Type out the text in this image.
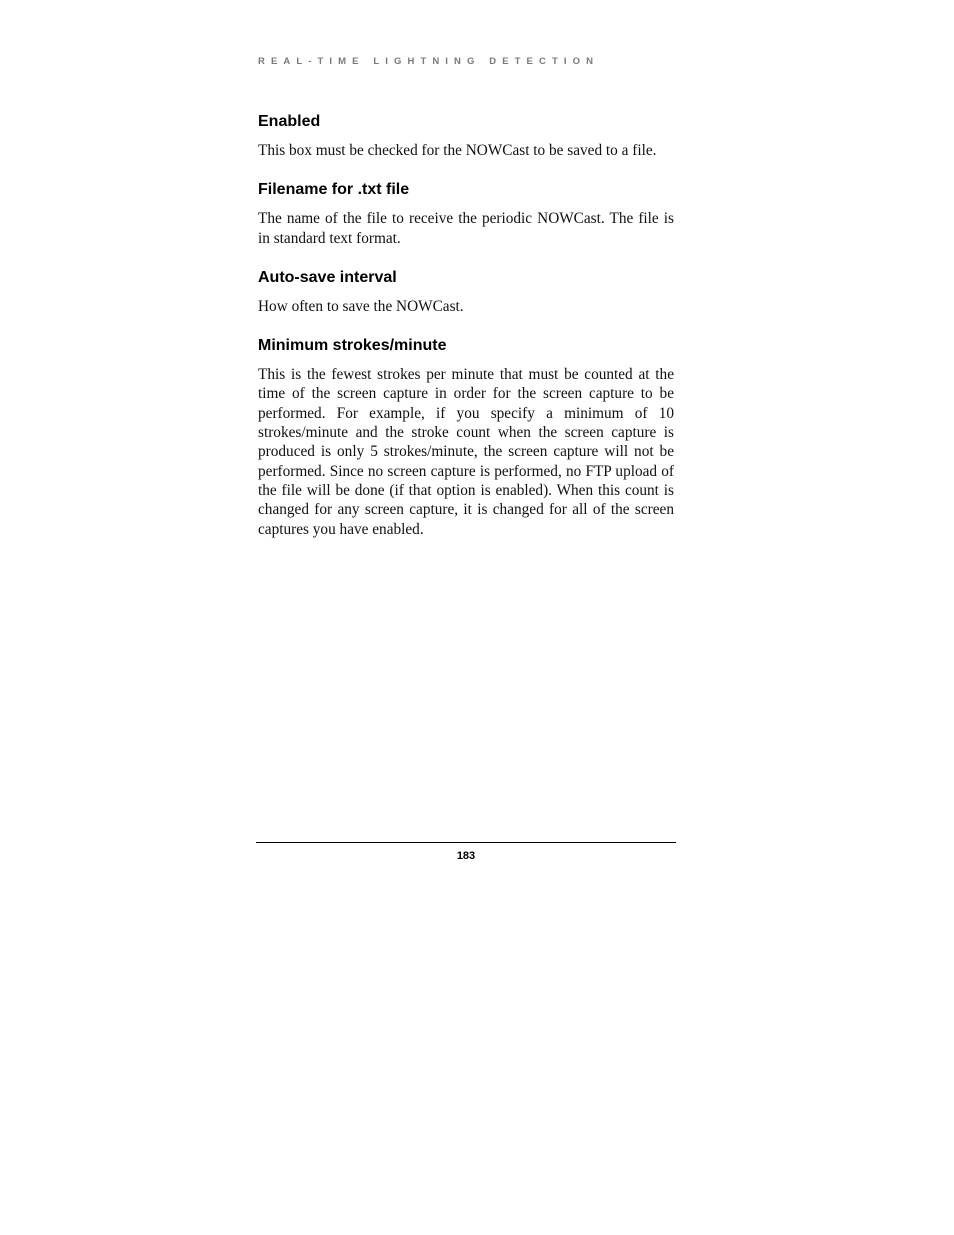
REAL-TIME LIGHTNING DETECTION
Enabled

This box must be checked for the NOWCast to be saved to a file.

Filename for .txt file

The name of the file to receive the periodic NOWCast. The file is in standard text format.

Auto-save interval

How often to save the NOWCast.

Minimum strokes/minute

This is the fewest strokes per minute that must be counted at the time of the screen capture in order for the screen capture to be performed. For example, if you specify a minimum of 10 strokes/minute and the stroke count when the screen capture is produced is only 5 strokes/minute, the screen capture will not be performed. Since no screen capture is performed, no FTP upload of the file will be done (if that option is enabled). When this count is changed for any screen capture, it is changed for all of the screen captures you have enabled.

183
